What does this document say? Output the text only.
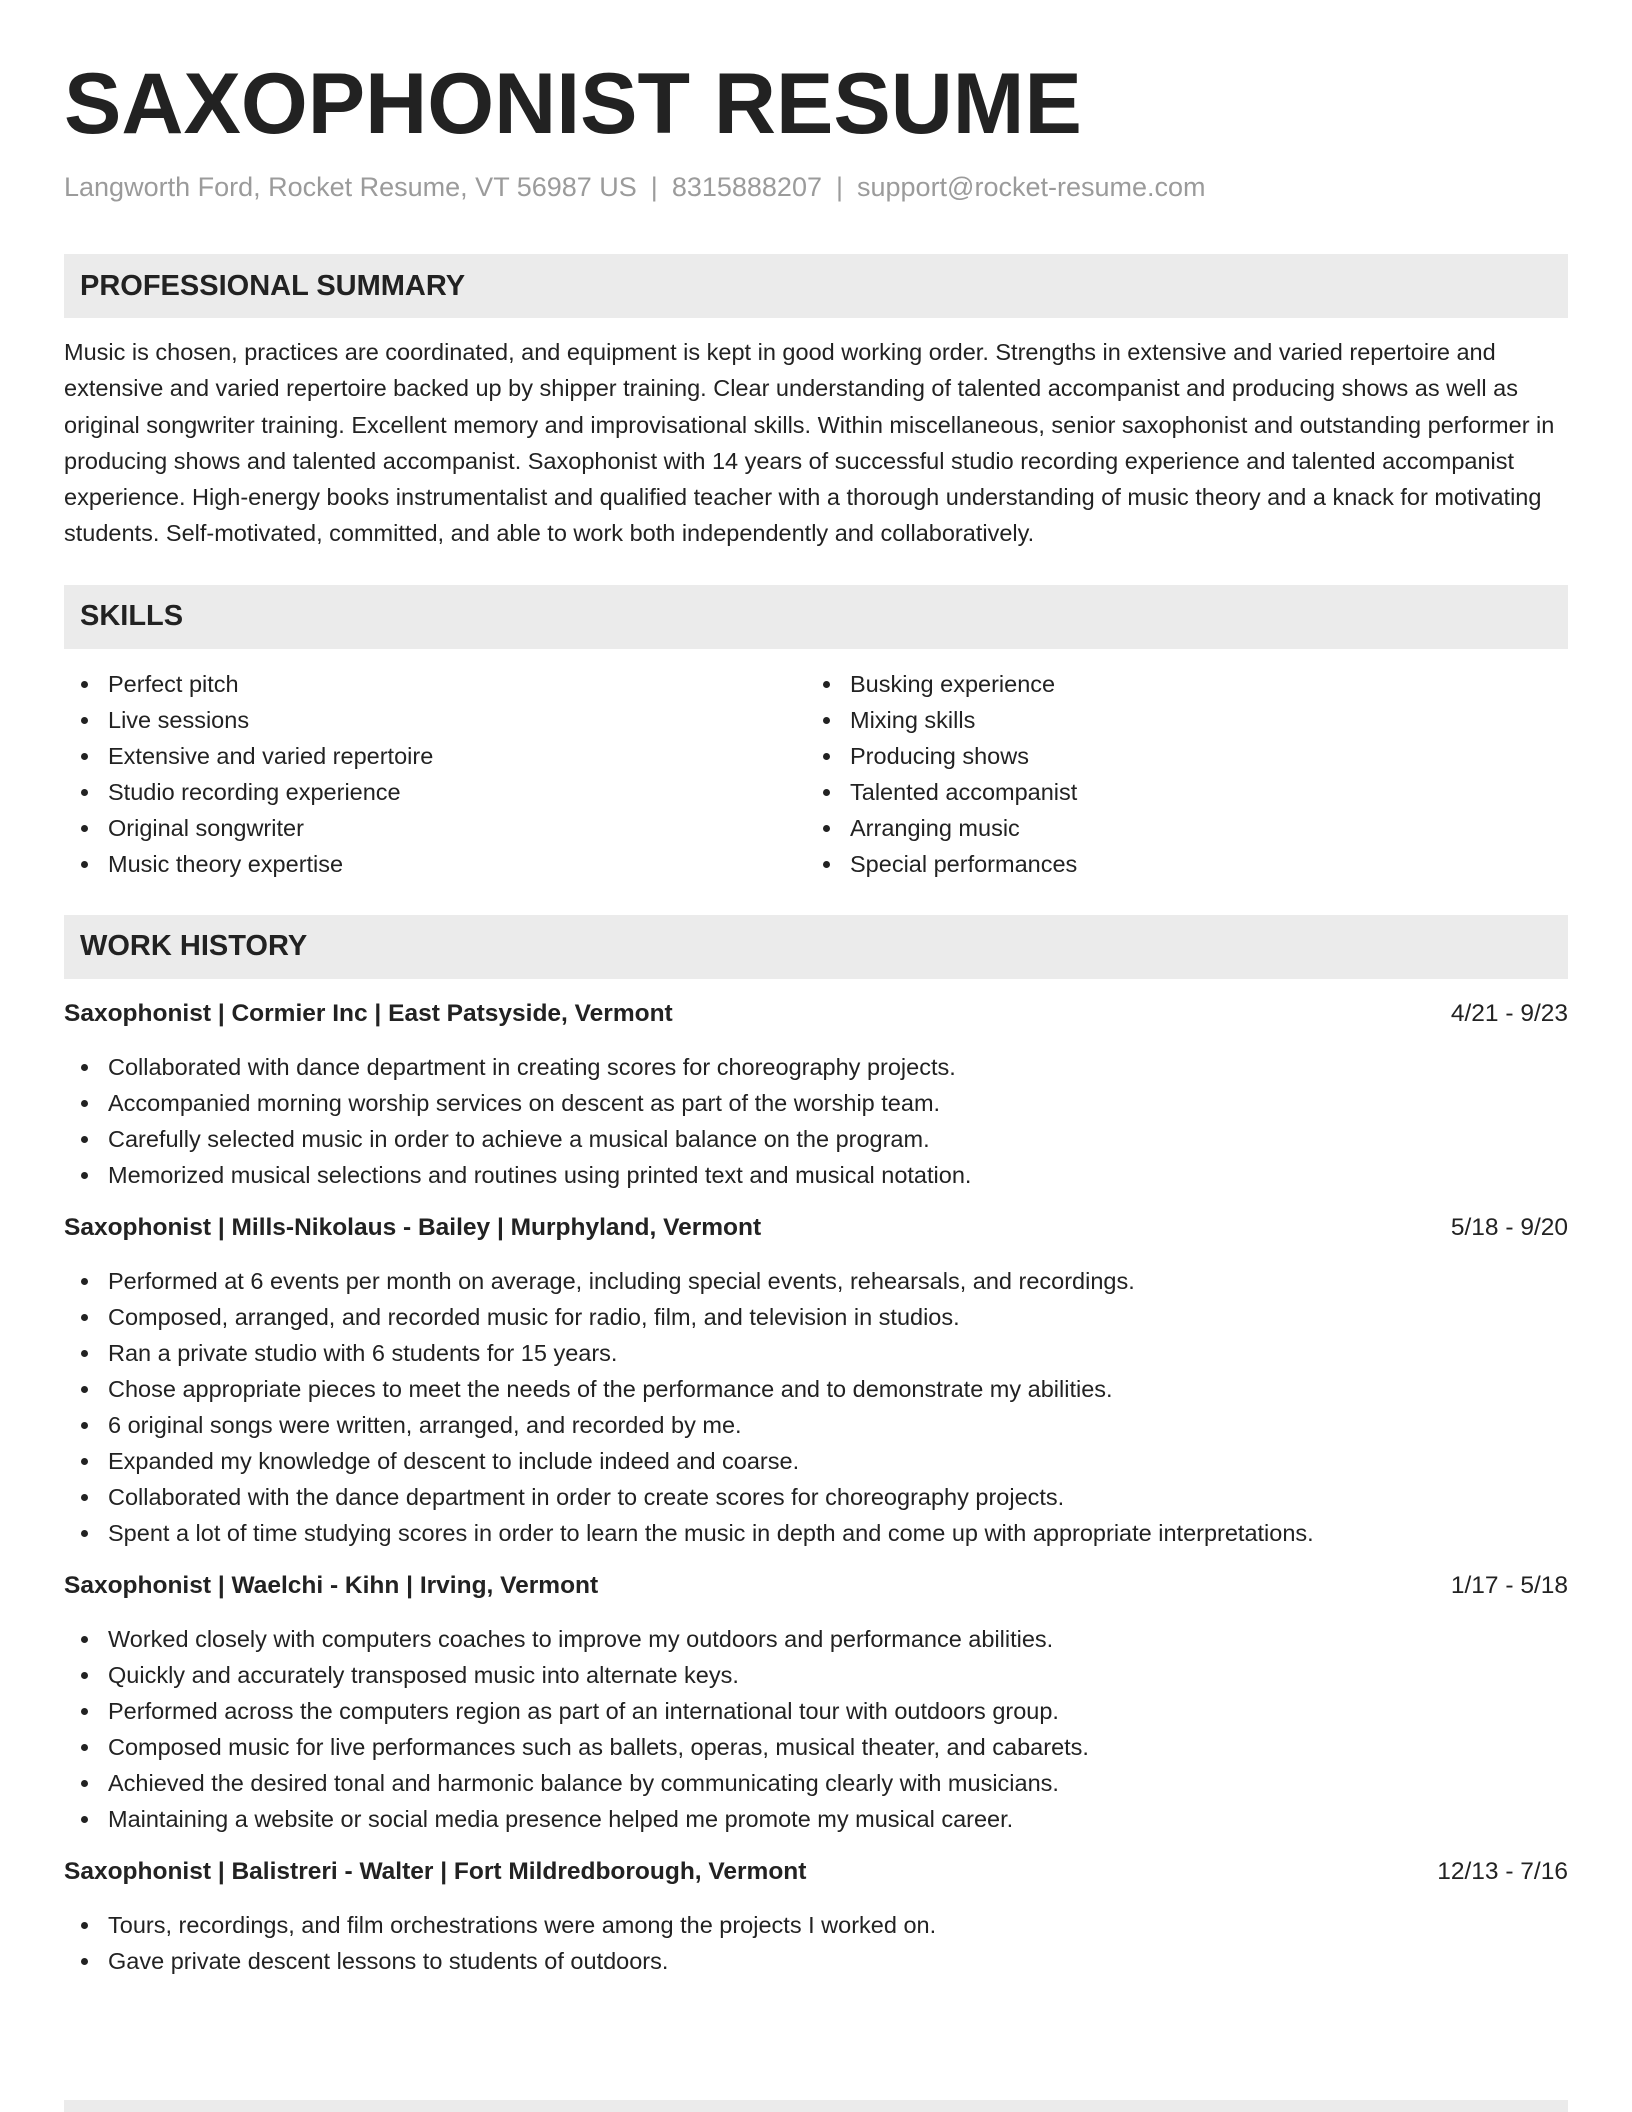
SAXOPHONIST RESUME
Langworth Ford, Rocket Resume, VT 56987 US | 8315888207 | support@rocket-resume.com
PROFESSIONAL SUMMARY
Music is chosen, practices are coordinated, and equipment is kept in good working order. Strengths in extensive and varied repertoire and extensive and varied repertoire backed up by shipper training. Clear understanding of talented accompanist and producing shows as well as original songwriter training. Excellent memory and improvisational skills. Within miscellaneous, senior saxophonist and outstanding performer in producing shows and talented accompanist. Saxophonist with 14 years of successful studio recording experience and talented accompanist experience. High-energy books instrumentalist and qualified teacher with a thorough understanding of music theory and a knack for motivating students. Self-motivated, committed, and able to work both independently and collaboratively.
SKILLS
Perfect pitch
Live sessions
Extensive and varied repertoire
Studio recording experience
Original songwriter
Music theory expertise
Busking experience
Mixing skills
Producing shows
Talented accompanist
Arranging music
Special performances
WORK HISTORY
Saxophonist | Cormier Inc | East Patsyside, Vermont	4/21 - 9/23
Collaborated with dance department in creating scores for choreography projects.
Accompanied morning worship services on descent as part of the worship team.
Carefully selected music in order to achieve a musical balance on the program.
Memorized musical selections and routines using printed text and musical notation.
Saxophonist | Mills-Nikolaus - Bailey | Murphyland, Vermont	5/18 - 9/20
Performed at 6 events per month on average, including special events, rehearsals, and recordings.
Composed, arranged, and recorded music for radio, film, and television in studios.
Ran a private studio with 6 students for 15 years.
Chose appropriate pieces to meet the needs of the performance and to demonstrate my abilities.
6 original songs were written, arranged, and recorded by me.
Expanded my knowledge of descent to include indeed and coarse.
Collaborated with the dance department in order to create scores for choreography projects.
Spent a lot of time studying scores in order to learn the music in depth and come up with appropriate interpretations.
Saxophonist | Waelchi - Kihn | Irving, Vermont	1/17 - 5/18
Worked closely with computers coaches to improve my outdoors and performance abilities.
Quickly and accurately transposed music into alternate keys.
Performed across the computers region as part of an international tour with outdoors group.
Composed music for live performances such as ballets, operas, musical theater, and cabarets.
Achieved the desired tonal and harmonic balance by communicating clearly with musicians.
Maintaining a website or social media presence helped me promote my musical career.
Saxophonist | Balistreri - Walter | Fort Mildredborough, Vermont	12/13 - 7/16
Tours, recordings, and film orchestrations were among the projects I worked on.
Gave private descent lessons to students of outdoors.
